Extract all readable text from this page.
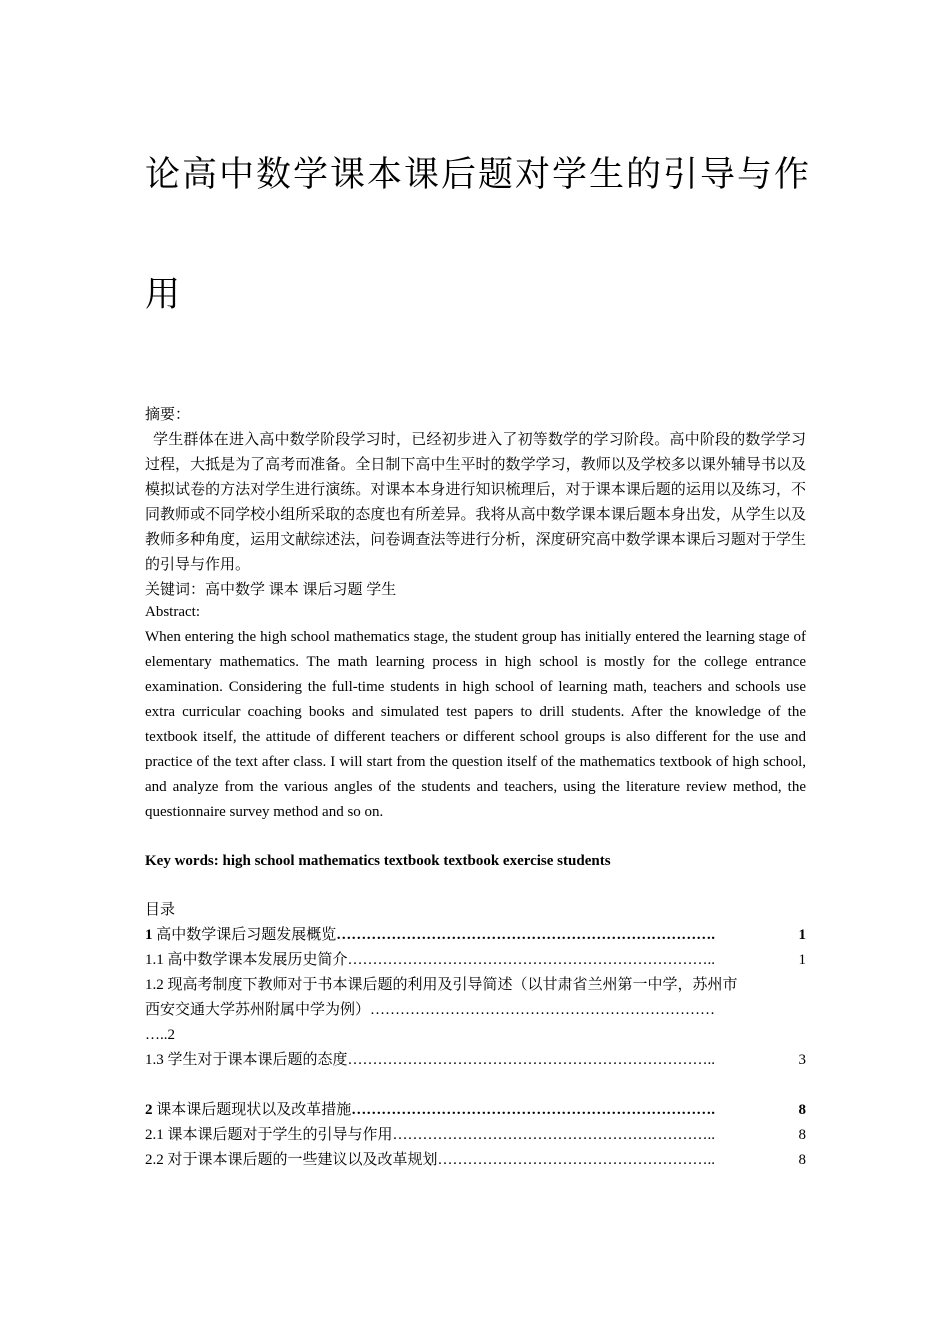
论高中数学课本课后题对学生的引导与作
用

摘要：

学生群体在进入高中数学阶段学习时，已经初步进入了初等数学的学习阶段。高中阶段的数学学习过程，大抵是为了高考而准备。全日制下高中生平时的数学学习，教师以及学校多以课外辅导书以及模拟试卷的方法对学生进行演练。对课本本身进行知识梳理后，对于课本课后题的运用以及练习，不同教师或不同学校小组所采取的态度也有所差异。我将从高中数学课本课后题本身出发，从学生以及教师多种角度，运用文献综述法，问卷调查法等进行分析，深度研究高中数学课本课后习题对于学生的引导与作用。

关键词：高中数学 课本 课后习题 学生

Abstract:
When entering the high school mathematics stage, the student group has initially entered the learning stage of elementary mathematics. The math learning process in high school is mostly for the college entrance examination. Considering the full-time students in high school of learning math, teachers and schools use extra curricular coaching books and simulated test papers to drill students. After the knowledge of the textbook itself, the attitude of different teachers or different school groups is also different for the use and practice of the text after class. I will start from the question itself of the mathematics textbook of high school, and analyze from the various angles of the students and teachers, using the literature review method, the questionnaire survey method and so on.
Key words: high school mathematics textbook textbook exercise students
目录
1 高中数学课后习题发展概览 ………………………………………………………………….	1
1.1 高中数学课本发展历史简介 ………………………………………………………………..	1
1.2 现高考制度下教师对于书本课后题的利用及引导简述（以甘肃省兰州第一中学，苏州市
西安交通大学苏州附属中学为例）……………………………………………………………
…..2
1.3 学生对于课本课后题的态度 ………………………………………………………………..	3
2 课本课后题现状以及改革措施 ……………………………………………………………….	8
2.1 课本课后题对于学生的引导与作用 ………………………………………………………..	8
2.2 对于课本课后题的一些建议以及改革规划 ………………………………………………..	8
